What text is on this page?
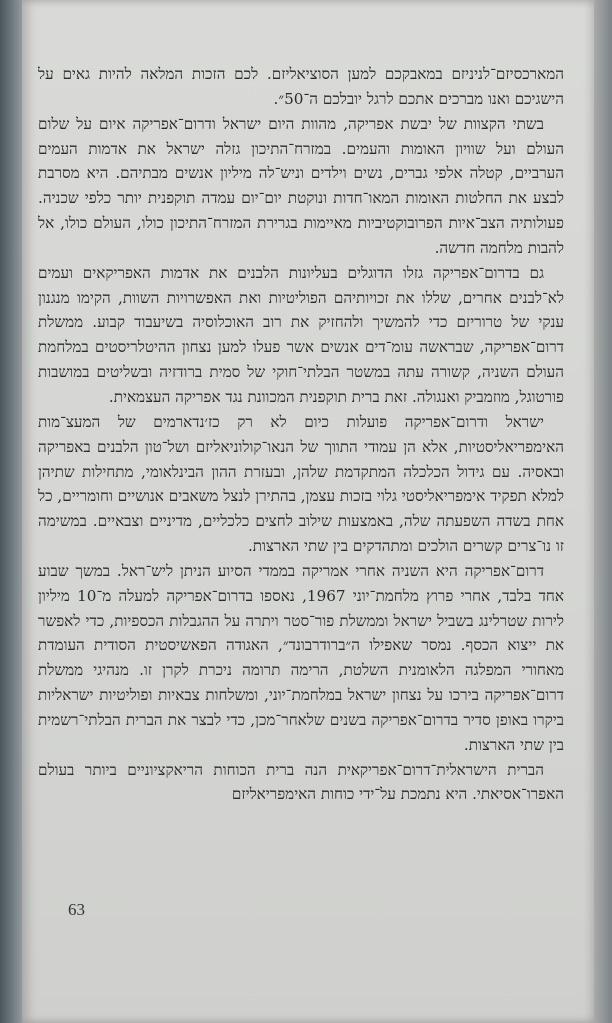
המארכסיזם־לניניזם במאבקכם למען הסוציאליזם. לכם הזכות המלאה להיות גאים על הישגיכם ואנו מברכים אתכם לרגל יובלכם ה־50״.

בשתי הקצוות של יבשת אפריקה, מהוות היום ישראל ודרום־אפריקה איום על שלום העולם ועל שוויון האומות והעמים. במזרח־התיכון גזלה ישראל את אדמות העמים הערביים, קטלה אלפי גברים, נשים וילדים וניש־לה מיליון אנשים מבתיהם. היא מסרבת לבצע את החלטות האומות המאו־חדות ונוקטת יום־יום עמדה תוקפנית יותר כלפי שכניה. פעולותיה הצב־איות הפרובוקטיביות מאיימות בגרירת המזרח־התיכון כולו, העולם כולו, אל להבות מלחמה חדשה.

גם בדרום־אפריקה גזלו הדוגלים בעליונות הלבנים את אדמות האפריקאים ועמים לא־לבנים אחרים, שללו את זכויותיהם הפוליטיות ואת האפשרויות השוות, הקימו מנגנון ענקי של טרוריזם כדי להמשיך ולהחזיק את רוב האוכלוסיה בשיעבוד קבוע. ממשלת דרום־אפריקה, שבראשה עומ־דים אנשים אשר פעלו למען נצחון ההיטלריסטים במלחמת העולם השניה, קשורה עתה במשטר הבלתי־חוקי של סמית ברודזיה ובשליטים במושבות פורטוגל, מוזמביק ואנגולה. זאת ברית תוקפנית המכוונת נגד אפריקה העצמאית.

ישראל ודרום־אפריקה פועלות כיום לא רק כז׳נדארמים של המעצ־מות האימפריאליסטיות, אלא הן עמודי התווך של הנאו־קולוניאליזם ושל־טון הלבנים באפריקה ובאסיה. עם גידול הכלכלה המתקדמת שלהן, ובעזרת ההון הבינלאומי, מתחילות שתיהן למלא תפקיד אימפריאליסטי גלוי בזכות עצמן, בהתירן לנצל משאבים אנושיים וחומריים, כל אחת בשדה השפעתה שלה, באמצעות שילוב לחצים כלכליים, מדיניים וצבאיים. במשימה זו נו־צרים קשרים הולכים ומתהדקים בין שתי הארצות.

דרום־אפריקה היא השניה אחרי אמריקה בממדי הסיוע הניתן ליש־ראל. במשך שבוע אחד בלבד, אחרי פרוץ מלחמת־יוני 1967, נאספו בדרום־אפריקה למעלה מ־10 מיליון לירות שטרלינג בשביל ישראל וממשלת פור־סטר ויתרה על ההגבלות הכספיות, כדי לאפשר את ייצוא הכסף. נמסר שאפילו ה״ברודרבונד״, האגודה הפאשיסטית הסודית העומדת מאחורי המפלגה הלאומנית השלטת, הרימה תרומה ניכרת לקרן זו. מנהיגי ממשלת דרום־אפריקה בירכו על נצחון ישראל במלחמת־יוני, ומשלחות צבאיות ופוליטיות ישראליות ביקרו באופן סדיר בדרום־אפריקה בשנים שלאחר־מכן, כדי לבצר את הברית הבלתי־רשמית בין שתי הארצות.

הברית הישראלית־דרום־אפריקאית הנה ברית הכוחות הריאקציוניים ביותר בעולם האפרו־אסיאתי. היא נתמכת על־ידי כוחות האימפריאליזם

63
